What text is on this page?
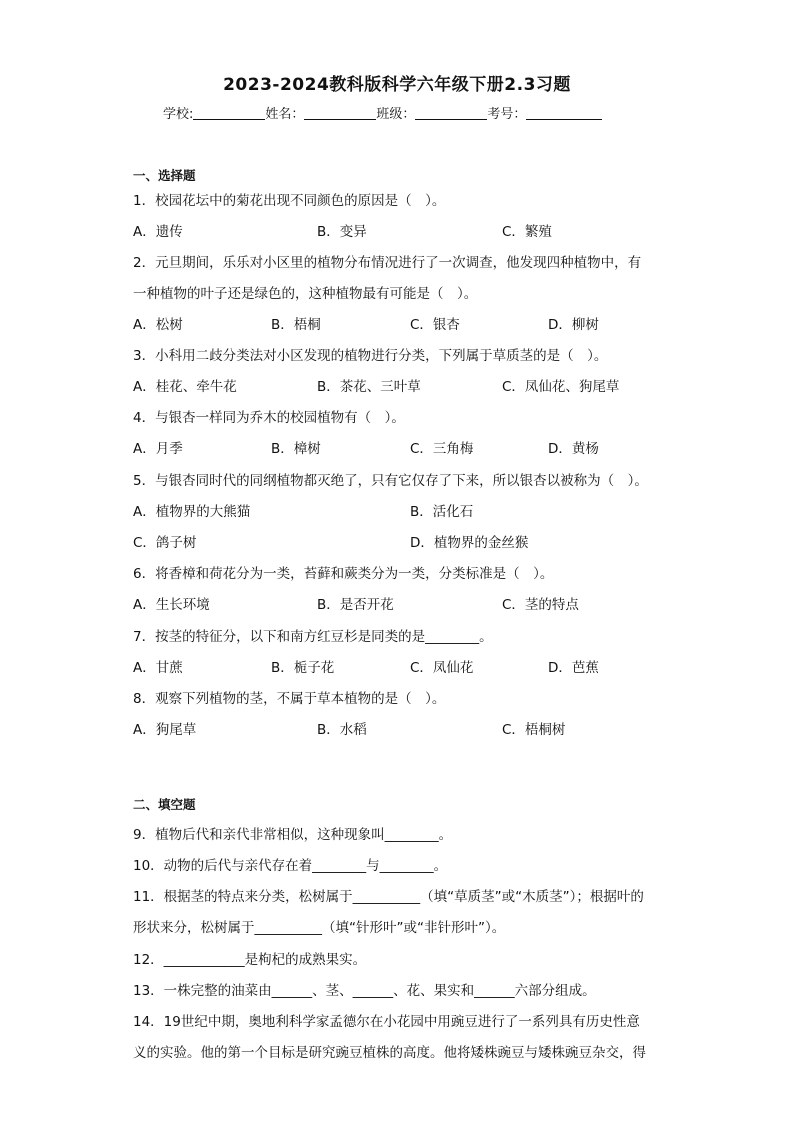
2023-2024教科版科学六年级下册2.3习题
学校:	姓名：	班级：	考号：
一、选择题
1．校园花坛中的菊花出现不同颜色的原因是（　）。
A．遗传	B．变异	C．繁殖
2．元旦期间，乐乐对小区里的植物分布情况进行了一次调查，他发现四种植物中，有
一种植物的叶子还是绿色的，这种植物最有可能是（　）。
A．松树	B．梧桐	C．银杏	D．柳树
3．小科用二歧分类法对小区发现的植物进行分类，下列属于草质茎的是（　）。
A．桂花、牵牛花	B．茶花、三叶草	C．凤仙花、狗尾草
4．与银杏一样同为乔木的校园植物有（　）。
A．月季	B．樟树	C．三角梅	D．黄杨
5．与银杏同时代的同纲植物都灭绝了，只有它仅存了下来，所以银杏以被称为（　）。
A．植物界的大熊猫	B．活化石
C．鸽子树	D．植物界的金丝猴
6．将香樟和荷花分为一类，苔藓和蕨类分为一类，分类标准是（　）。
A．生长环境	B．是否开花	C．茎的特点
7．按茎的特征分，以下和南方红豆杉是同类的是________。
A．甘蔗	B．栀子花	C．凤仙花	D．芭蕉
8．观察下列植物的茎，不属于草本植物的是（　）。
A．狗尾草	B．水稻	C．梧桐树
二、填空题
9．植物后代和亲代非常相似，这种现象叫________。
10．动物的后代与亲代存在着________与________。
11．根据茎的特点来分类，松树属于__________（填“草质茎”或“木质茎”）；根据叶的
形状来分，松树属于__________（填“针形叶”或“非针形叶”）。
12．____________是枸杞的成熟果实。
13．一株完整的油菜由______、茎、______、花、果实和______六部分组成。
14．19世纪中期，奥地利科学家孟德尔在小花园中用豌豆进行了一系列具有历史性意
义的实验。他的第一个目标是研究豌豆植株的高度。他将矮株豌豆与矮株豌豆杂交，得
